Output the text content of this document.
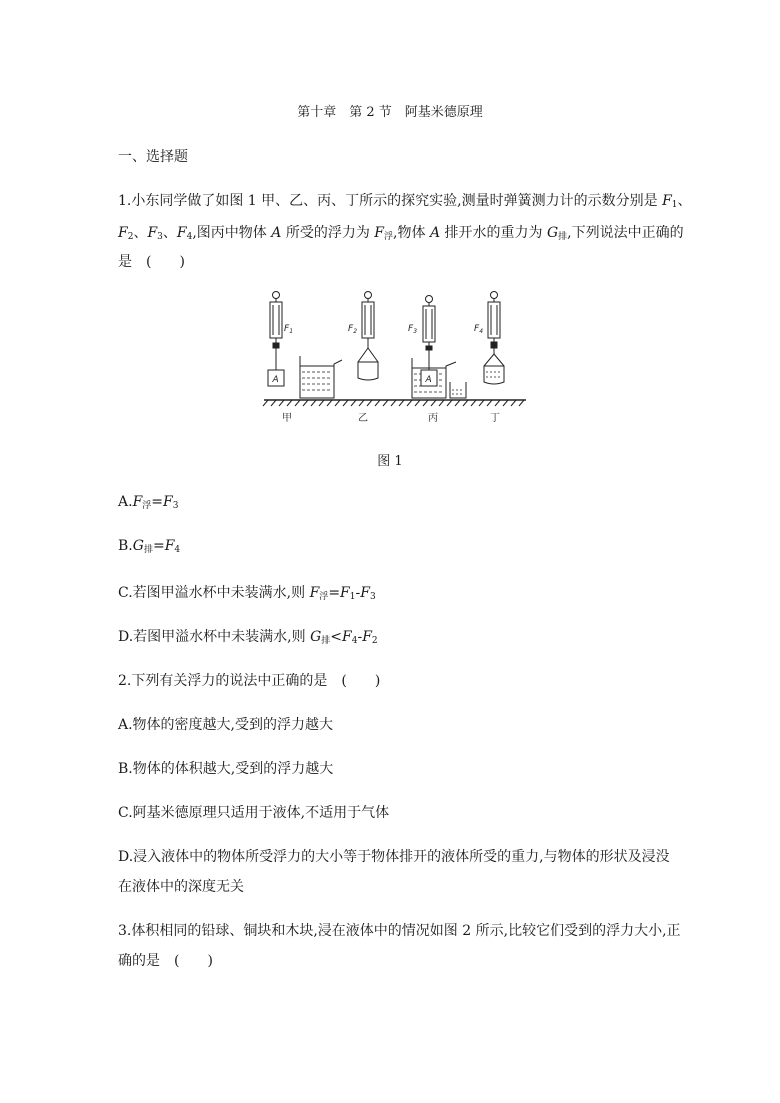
第十章　第 2 节　阿基米德原理
一、选择题
1.小东同学做了如图 1 甲、乙、丙、丁所示的探究实验,测量时弹簧测力计的示数分别是 $F_1$、
$F_2$、$F_3$、$F_4$,图丙中物体 A 所受的浮力为 $F_浮$,物体 A 排开水的重力为 $G_排$,下列说法中正确的
是　(　　)
$F_1$	$F_2$	$F_3$	$F_4$
A	A
甲	乙	丙	丁
图 1
$A.F_浮=F_3$
$B.G_排=F_4$
C.若图甲溢水杯中未装满水,则 $F_浮=F_1-F_3$
D.若图甲溢水杯中未装满水,则 $G_排<F_4-F_2$
2.下列有关浮力的说法中正确的是　(　　)
A.物体的密度越大,受到的浮力越大
B.物体的体积越大,受到的浮力越大
C.阿基米德原理只适用于液体,不适用于气体
D.浸入液体中的物体所受浮力的大小等于物体排开的液体所受的重力,与物体的形状及浸没
在液体中的深度无关
3.体积相同的铅球、铜块和木块,浸在液体中的情况如图 2 所示,比较它们受到的浮力大小,正
确的是　(　　)
